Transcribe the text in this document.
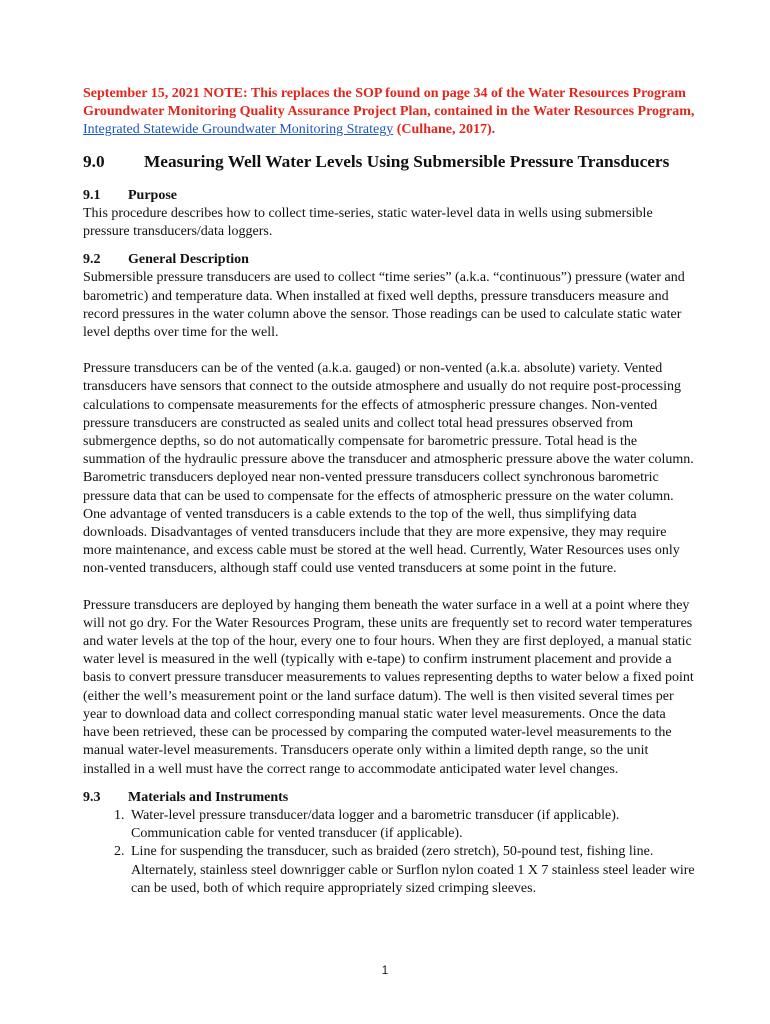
September 15, 2021 NOTE: This replaces the SOP found on page 34 of the Water Resources Program Groundwater Monitoring Quality Assurance Project Plan, contained in the Water Resources Program, Integrated Statewide Groundwater Monitoring Strategy (Culhane, 2017).

9.0	Measuring Well Water Levels Using Submersible Pressure Transducers
9.1	Purpose

This procedure describes how to collect time-series, static water-level data in wells using submersible pressure transducers/data loggers.

9.2	General Description

Submersible pressure transducers are used to collect “time series” (a.k.a. “continuous”) pressure (water and barometric) and temperature data. When installed at fixed well depths, pressure transducers measure and record pressures in the water column above the sensor. Those readings can be used to calculate static water level depths over time for the well.

Pressure transducers can be of the vented (a.k.a. gauged) or non-vented (a.k.a. absolute) variety. Vented transducers have sensors that connect to the outside atmosphere and usually do not require post-processing calculations to compensate measurements for the effects of atmospheric pressure changes. Non-vented pressure transducers are constructed as sealed units and collect total head pressures observed from submergence depths, so do not automatically compensate for barometric pressure. Total head is the summation of the hydraulic pressure above the transducer and atmospheric pressure above the water column. Barometric transducers deployed near non-vented pressure transducers collect synchronous barometric pressure data that can be used to compensate for the effects of atmospheric pressure on the water column. One advantage of vented transducers is a cable extends to the top of the well, thus simplifying data downloads. Disadvantages of vented transducers include that they are more expensive, they may require more maintenance, and excess cable must be stored at the well head. Currently, Water Resources uses only non-vented transducers, although staff could use vented transducers at some point in the future.

Pressure transducers are deployed by hanging them beneath the water surface in a well at a point where they will not go dry. For the Water Resources Program, these units are frequently set to record water temperatures and water levels at the top of the hour, every one to four hours. When they are first deployed, a manual static water level is measured in the well (typically with e-tape) to confirm instrument placement and provide a basis to convert pressure transducer measurements to values representing depths to water below a fixed point (either the well’s measurement point or the land surface datum). The well is then visited several times per year to download data and collect corresponding manual static water level measurements. Once the data have been retrieved, these can be processed by comparing the computed water-level measurements to the manual water-level measurements. Transducers operate only within a limited depth range, so the unit installed in a well must have the correct range to accommodate anticipated water level changes.

9.3	Materials and Instruments
1. Water-level pressure transducer/data logger and a barometric transducer (if applicable). Communication cable for vented transducer (if applicable).
2. Line for suspending the transducer, such as braided (zero stretch), 50-pound test, fishing line. Alternately, stainless steel downrigger cable or Surflon nylon coated 1 X 7 stainless steel leader wire can be used, both of which require appropriately sized crimping sleeves.
1
